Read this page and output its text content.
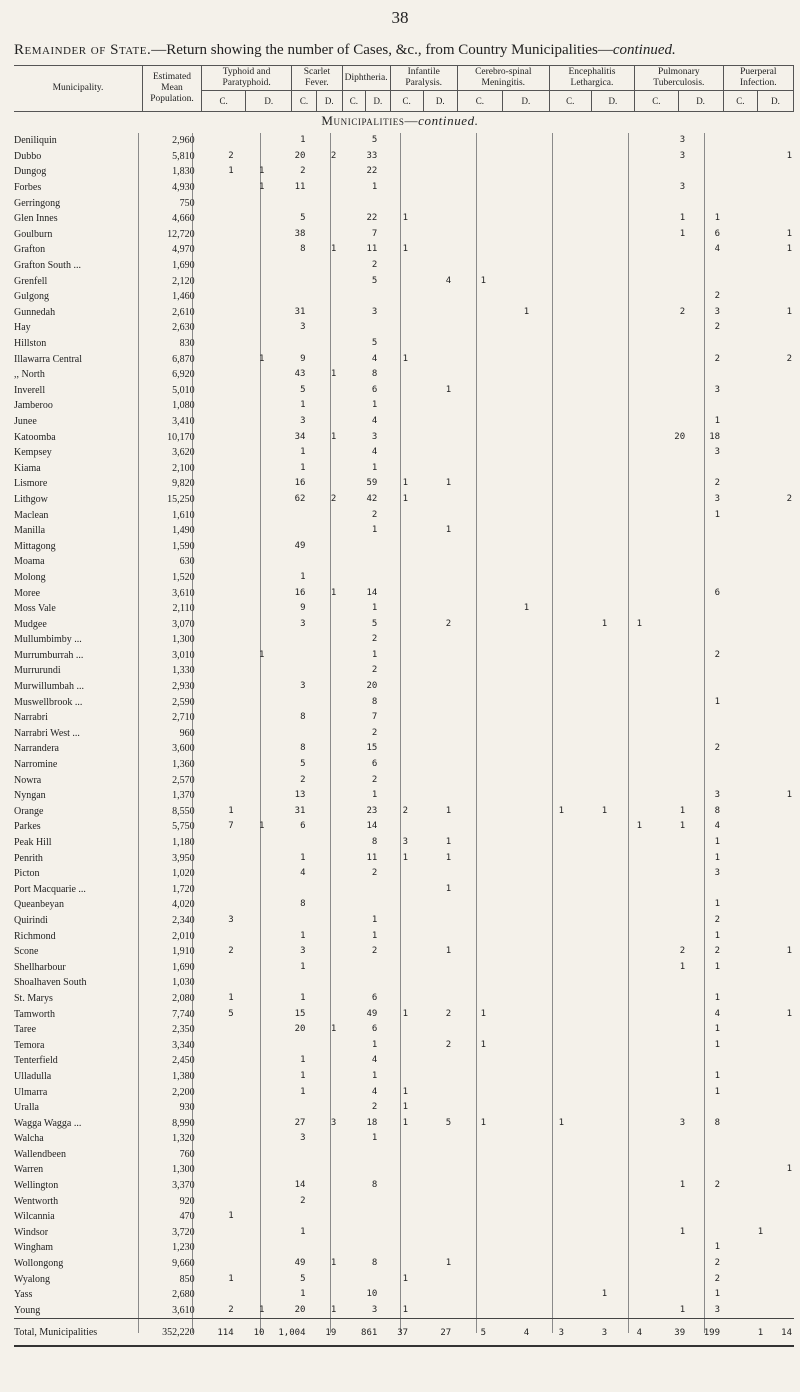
38
Remainder of State.—Return showing the number of Cases, &c., from Country Municipalities—continued.
Municipality.	Estimated Mean Population.	Typhoid and Paratyphoid.		Scarlet Fever.		Diphtheria.		Infantile Paralysis.		Cerebro-spinal Meningitis.		Encephalitis Lethargica.		Pulmonary Tuberculosis.		Puerperal Infection.	
		C.	D.	C.	D.	C.	D.	C.	D.	C.	D.	C.	D.	C.	D.	C.	D.
Municipalities—continued.
Deniliquin	2,960			1		5								3			
Dubbo	5,810	2		20	2	33								3			1
Dungog	1,830	1	1	2		22											
Forbes	4,930		1	11		1								3			
Gerringong	750																
Glen Innes	4,660			5		22	1							1	1		
Goulburn	12,720			38		7								1	6		1
Grafton	4,970			8	1	11	1								4		1
Grafton South ...	1,690					2											
Grenfell	2,120					5		4	1								
Gulgong	1,460														2		
Gunnedah	2,610			31		3				1				2	3		1
Hay	2,630			3											2		
Hillston	830					5											
Illawarra Central	6,870		1	9		4	1								2		2
,, North	6,920			43	1	8											
Inverell	5,010			5		6		1							3		
Jamberoo	1,080			1		1											
Junee	3,410			3		4									1		
Katoomba	10,170			34	1	3								20	18		
Kempsey	3,620			1		4									3		
Kiama	2,100			1		1											
Lismore	9,820			16		59	1	1							2		
Lithgow	15,250			62	2	42	1								3		2
Maclean	1,610					2									1		
Manilla	1,490					1		1									
Mittagong	1,590			49													
Moama	630																
Molong	1,520			1													
Moree	3,610			16	1	14									6		
Moss Vale	2,110			9		1				1							
Mudgee	3,070			3		5		2				1	1				
Mullumbimby ...	1,300					2											
Murrumburrah ...	3,010		1			1									2		
Murrurundi	1,330					2											
Murwillumbah ...	2,930			3		20											
Muswellbrook ...	2,590					8									1		
Narrabri	2,710			8		7											
Narrabri West ...	960					2											
Narrandera	3,600			8		15									2		
Narromine	1,360			5		6											
Nowra	2,570			2		2											
Nyngan	1,370			13		1									3		1
Orange	8,550	1		31		23	2	1			1	1		1	8		
Parkes	5,750	7	1	6		14							1	1	4		
Peak Hill	1,180					8	3	1							1		
Penrith	3,950			1		11	1	1							1		
Picton	1,020			4		2									3		
Port Macquarie ...	1,720							1									
Queanbeyan	4,020			8											1		
Quirindi	2,340	3				1									2		
Richmond	2,010			1		1									1		
Scone	1,910	2		3		2		1						2	2		1
Shellharbour	1,690			1										1	1		
Shoalhaven South	1,030																
St. Marys	2,080	1		1		6									1		
Tamworth	7,740	5		15		49	1	2	1						4		1
Taree	2,350			20	1	6									1		
Temora	3,340					1		2	1						1		
Tenterfield	2,450			1		4											
Ulladulla	1,380			1		1									1		
Ulmarra	2,200			1		4	1								1		
Uralla	930					2	1										
Wagga Wagga ...	8,990			27	3	18	1	5	1		1			3	8		
Walcha	1,320			3		1											
Wallendbeen	760																
Warren	1,300																1
Wellington	3,370			14		8								1	2		
Wentworth	920			2													
Wilcannia	470	1															
Windsor	3,720			1										1		1	
Wingham	1,230														1		
Wollongong	9,660			49	1	8		1							2		
Wyalong	850	1		5			1								2		
Yass	2,680			1		10						1			1		
Young	3,610	2	1	20	1	3	1							1	3		
Total, Municipalities	352,220	114	10	1,004	19	861	37	27	5	4	3	3	4	39	199	1	14
